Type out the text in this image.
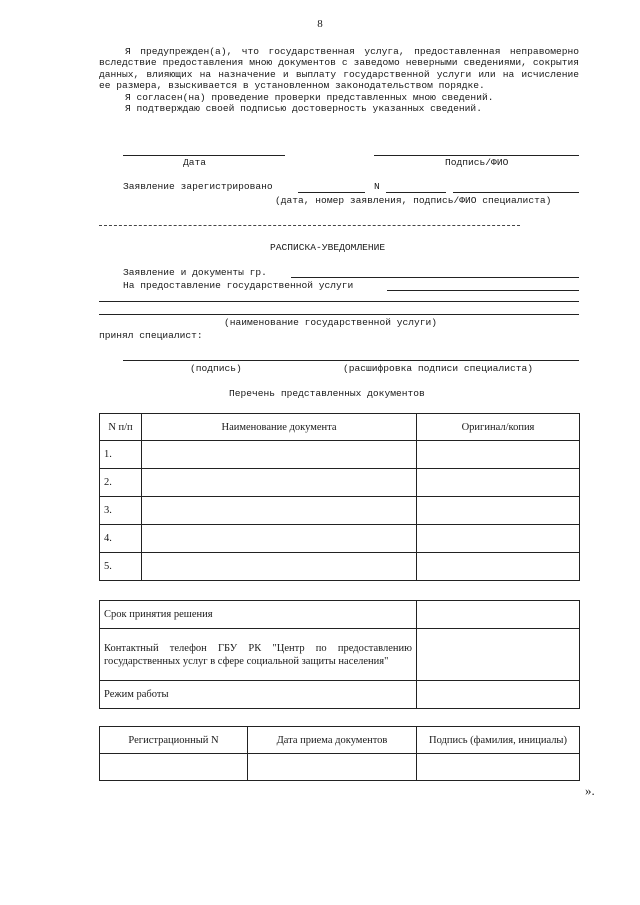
8

Я предупрежден(а), что государственная услуга, предоставленная неправомерно вследствие предоставления мною документов с заведомо неверными сведениями, сокрытия данных, влияющих на назначение и выплату государственной услуги или на исчисление ее размера, взыскивается в установленном законодательством порядке.

Я согласен(на) проведение проверки представленных мною сведений.

Я подтверждаю своей подписью достоверность указанных сведений.

Дата	Подпись/ФИО
Заявление зарегистрировано	N
(дата, номер заявления, подпись/ФИО специалиста)
РАСПИСКА-УВЕДОМЛЕНИЕ
Заявление и документы гр.
На предоставление государственной услуги
(наименование государственной услуги)
принял специалист:
(подпись)	(расшифровка подписи специалиста)
Перечень представленных документов
N п/п	Наименование документа	Оригинал/копия
1.		
2.		
3.		
4.		
5.		
Срок принятия решения	
Контактный телефон ГБУ РК "Центр по предоставлению государственных услуг в сфере социальной защиты населения"	
Режим работы	
Регистрационный N	Дата приема документов	Подпись (фамилия, инициалы)

».
